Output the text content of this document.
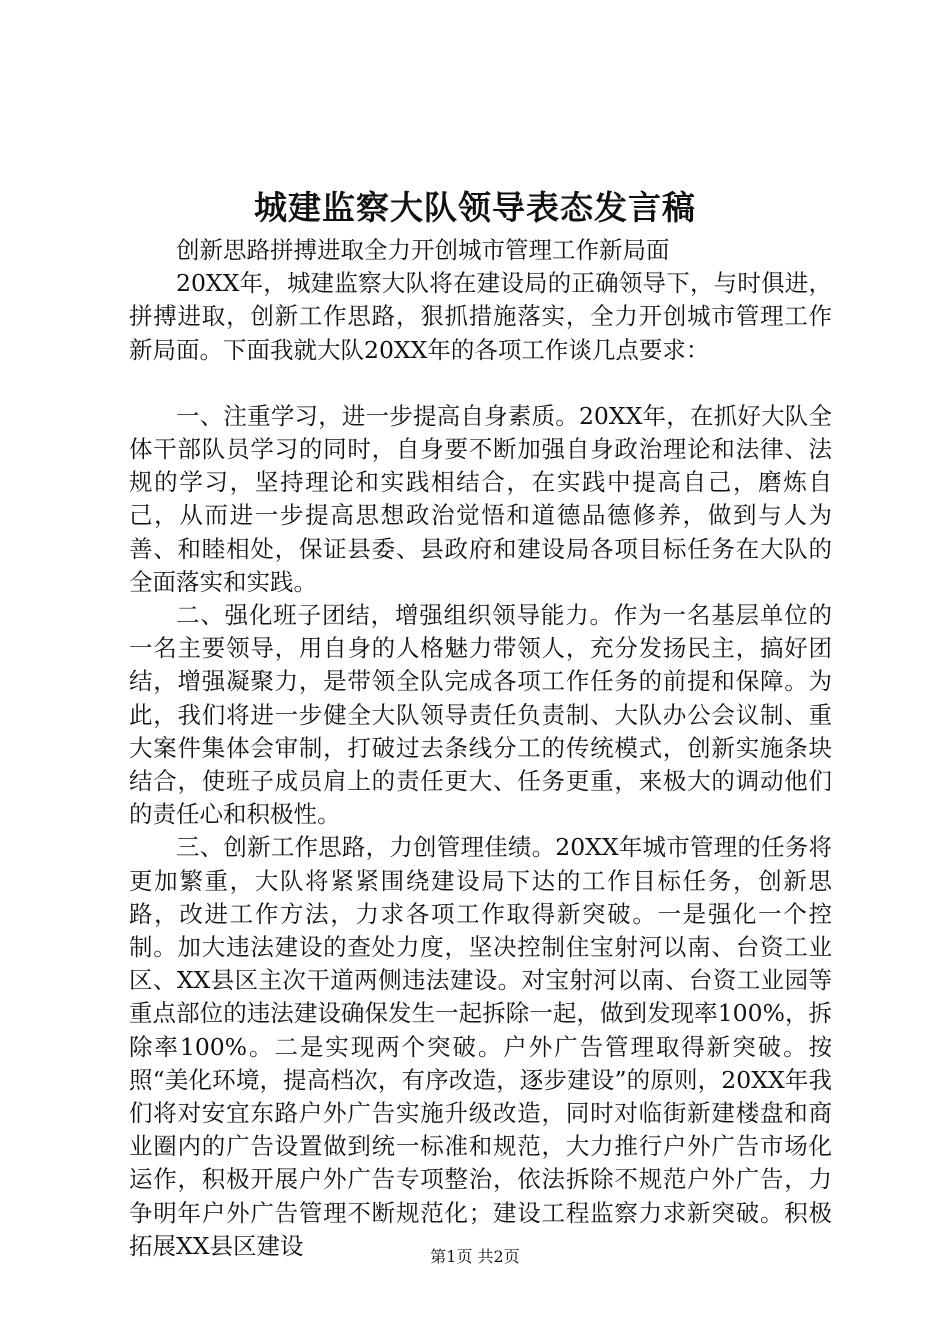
城建监察大队领导表态发言稿

创新思路拼搏进取全力开创城市管理工作新局面

20XX年，城建监察大队将在建设局的正确领导下，与时俱进，拼搏进取，创新工作思路，狠抓措施落实，全力开创城市管理工作新局面。下面我就大队20XX年的各项工作谈几点要求：

一、注重学习，进一步提高自身素质。20XX年，在抓好大队全体干部队员学习的同时，自身要不断加强自身政治理论和法律、法规的学习，坚持理论和实践相结合，在实践中提高自己，磨炼自己，从而进一步提高思想政治觉悟和道德品德修养，做到与人为善、和睦相处，保证县委、县政府和建设局各项目标任务在大队的全面落实和实践。

二、强化班子团结，增强组织领导能力。作为一名基层单位的一名主要领导，用自身的人格魅力带领人，充分发扬民主，搞好团结，增强凝聚力，是带领全队完成各项工作任务的前提和保障。为此，我们将进一步健全大队领导责任负责制、大队办公会议制、重大案件集体会审制，打破过去条线分工的传统模式，创新实施条块结合，使班子成员肩上的责任更大、任务更重，来极大的调动他们的责任心和积极性。

三、创新工作思路，力创管理佳绩。20XX年城市管理的任务将更加繁重，大队将紧紧围绕建设局下达的工作目标任务，创新思路，改进工作方法，力求各项工作取得新突破。一是强化一个控制。加大违法建设的查处力度，坚决控制住宝射河以南、台资工业区、XX县区主次干道两侧违法建设。对宝射河以南、台资工业园等重点部位的违法建设确保发生一起拆除一起，做到发现率100%，拆除率100%。二是实现两个突破。户外广告管理取得新突破。按照“美化环境，提高档次，有序改造，逐步建设”的原则，20XX年我们将对安宜东路户外广告实施升级改造，同时对临街新建楼盘和商业圈内的广告设置做到统一标准和规范，大力推行户外广告市场化运作，积极开展户外广告专项整治，依法拆除不规范户外广告，力争明年户外广告管理不断规范化；建设工程监察力求新突破。积极拓展XX县区建设	第1页 共2页
